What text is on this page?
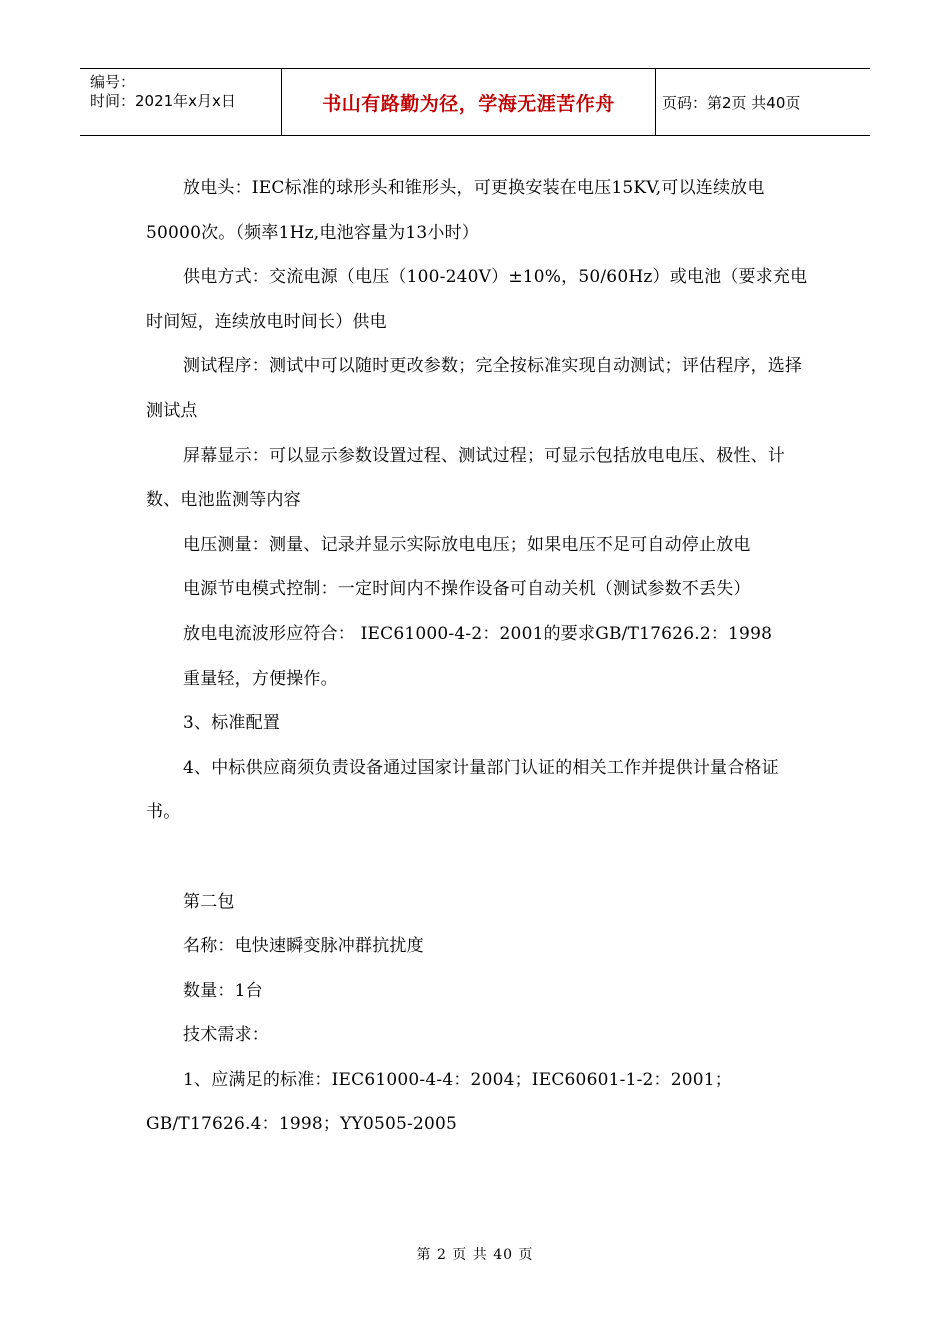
编号：
时间：2021年x月x日	书山有路勤为径，学海无涯苦作舟	页码：第2页 共40页

放电头：IEC标准的球形头和锥形头，可更换安装在电压15KV,可以连续放电50000次。（频率1Hz,电池容量为13小时）

供电方式：交流电源（电压（100-240V）±10%，50/60Hz）或电池（要求充电时间短，连续放电时间长）供电

测试程序：测试中可以随时更改参数；完全按标准实现自动测试；评估程序，选择测试点

屏幕显示：可以显示参数设置过程、测试过程；可显示包括放电电压、极性、计数、电池监测等内容

电压测量：测量、记录并显示实际放电电压；如果电压不足可自动停止放电

电源节电模式控制：一定时间内不操作设备可自动关机（测试参数不丢失）

放电电流波形应符合： IEC61000-4-2：2001的要求GB/T17626.2：1998

重量轻，方便操作。

3、标准配置

4、中标供应商须负责设备通过国家计量部门认证的相关工作并提供计量合格证书。

第二包

名称：电快速瞬变脉冲群抗扰度

数量：1台

技术需求：

1、应满足的标准：IEC61000-4-4：2004；IEC60601-1-2：2001；GB/T17626.4：1998；YY0505-2005

第 2 页 共 40 页
